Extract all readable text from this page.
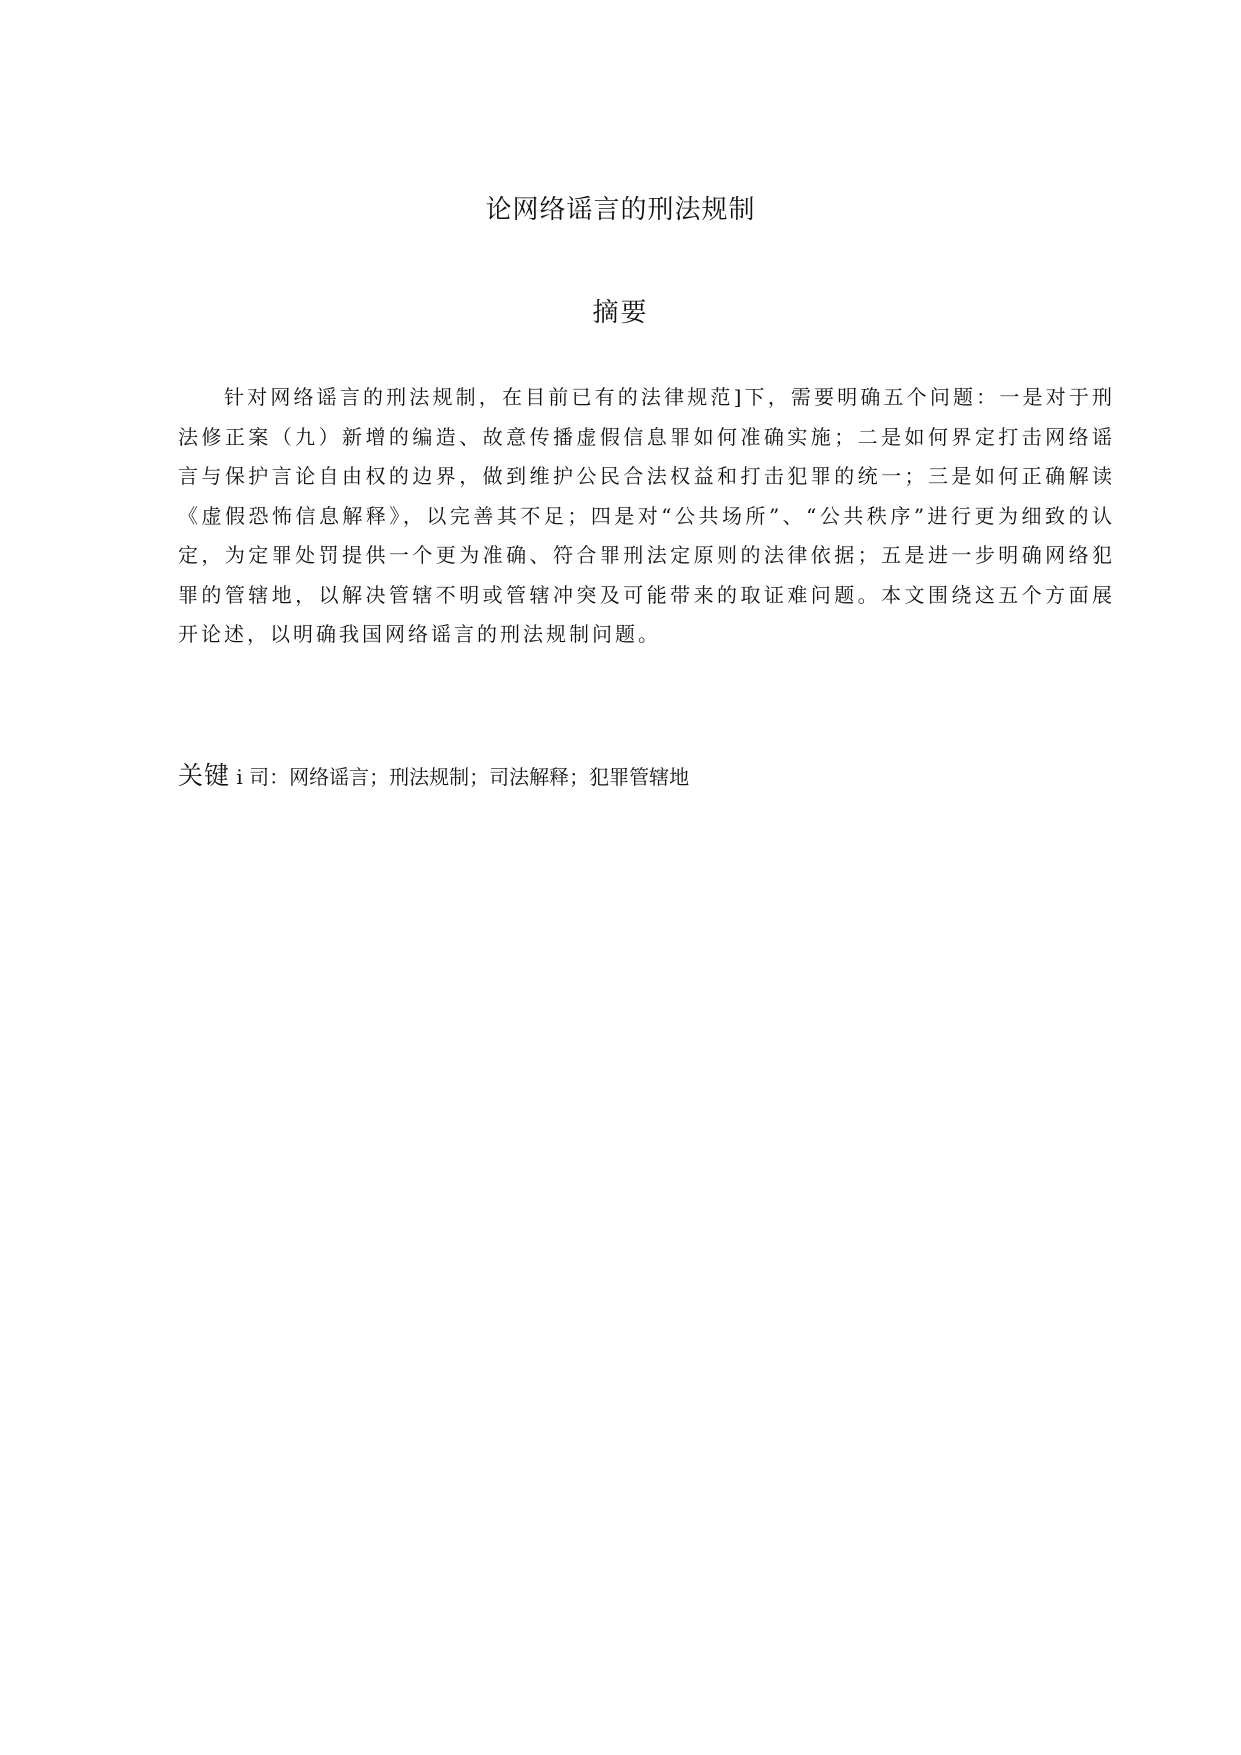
论网络谣言的刑法规制
摘要

针对网络谣言的刑法规制，在目前已有的法律规范]下，需要明确五个问题：一是对于刑法修正案（九）新增的编造、故意传播虚假信息罪如何准确实施；二是如何界定打击网络谣言与保护言论自由权的边界，做到维护公民合法权益和打击犯罪的统一；三是如何正确解读《虚假恐怖信息解释》，以完善其不足；四是对“公共场所”、“公共秩序”进行更为细致的认定，为定罪处罚提供一个更为准确、符合罪刑法定原则的法律依据；五是进一步明确网络犯罪的管辖地，以解决管辖不明或管辖冲突及可能带来的取证难问题。本文围绕这五个方面展开论述，以明确我国网络谣言的刑法规制问题。

关键 i 司：网络谣言；刑法规制；司法解释；犯罪管辖地
